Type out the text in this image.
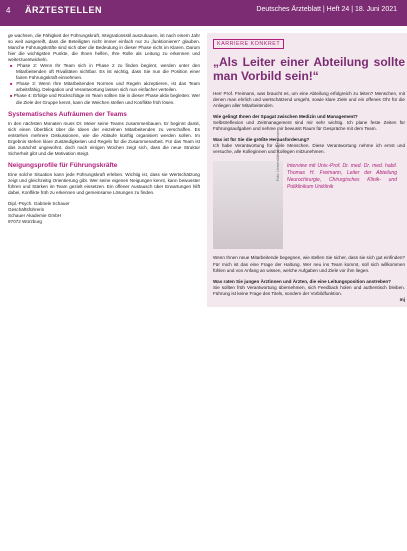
4 ÄRZTESTELLEN	Deutsches Ärzteblatt | Heft 24 | 18. Juni 2021

ge wachsen, die Fähigkeit der Führungskraft, Integrationsstil auszubauen, ist nach einem Jahr so weit ausgereift, dass die Beteiligten nicht immer einfach nur zu „funktionieren“ glauben. Manche Führungskräfte sind sich über die Bedeutung in dieser Phase nicht im Klaren. Darum hier die wichtigsten Punkte, die Ihnen helfen, Ihre Rolle als Leitung zu erkennen und weiterzuentwickeln.

■ Phase 2: Wenn Ihr Team sich in Phase 2 zu finden beginnt, werden unter den Mitarbeitenden oft Rivalitäten sichtbar. Es ist wichtig, dass Sie nun die Position einer fairen Führungskraft einnehmen.

■ Phase 3: Wenn Ihre Mitarbeitenden Normen und Regeln akzeptieren, ist das Team arbeitsfähig. Delegation und Verantwortung lassen sich nun einfacher verteilen.

■ Phase 4: Erfolge und Rückschläge im Team sollten Sie in dieser Phase aktiv begleiten. Wer die Ziele der Gruppe kennt, kann die Weichen stellen und Konflikte früh lösen.

Systematisches Aufräumen der Teams

In den nächsten Monaten muss Dr. Meier seine Teams zusammenbauen. Er beginnt damit, sich einen Überblick über die Ideen der einzelnen Mitarbeitenden zu verschaffen. Es entstehen mehrere Diskussionen, wie die Abläufe künftig organisiert werden sollen. Im Ergebnis stehen klare Zuständigkeiten und Regeln für die Zusammenarbeit. Für das Team ist das zunächst ungewohnt, doch nach einigen Wochen zeigt sich, dass die neue Struktur Sicherheit gibt und die Motivation steigt.

Neigungsprofile für Führungskräfte

Eine solche Situation kann jede Führungskraft erleben. Wichtig ist, dass sie Wertschätzung zeigt und gleichzeitig Orientierung gibt. Wer seine eigenen Neigungen kennt, kann bewusster führen und Stärken im Team gezielt einsetzen. Ein offener Austausch über Erwartungen hilft dabei, Konflikte früh zu erkennen und gemeinsame Lösungen zu finden.

Dipl.-Psych. Gabriele Schauer
Geschäftsführerin
Schauer Akademie GmbH
97072 Würzburg
KARRIERE KONKRET
„Als Leiter einer Abteilung sollte man Vorbild sein!“

Herr Prof. Freimann, was braucht es, um eine Abteilung erfolgreich zu leiten? Menschen, mit denen man ehrlich und wertschätzend umgeht, sowie klare Ziele und ein offenes Ohr für die Anliegen aller Mitarbeitenden.

Wie gelingt Ihnen der Spagat zwischen Medizin und Management?

Selbstreflexion und Zeitmanagement sind mir sehr wichtig. Ich plane feste Zeiten für Führungsaufgaben und nehme mir bewusst Raum für Gespräche mit dem Team.

Was ist für Sie die größte Herausforderung?

Ich habe Verantwortung für viele Menschen. Diese Verantwortung nehme ich ernst und versuche, alle Kolleginnen und Kollegen mitzunehmen.

Foto: Universitätsklinik Freimann Interview mit Univ.-Prof. Dr. med. Dr. med. habil. Thomas H. Freimann, Leiter der Abteilung Neurochirurgie, Chirurgisches Klinik- und Poliklinikum Uniklinik

Wenn Ihnen neue Mitarbeitende begegnen, wie stellen Sie sicher, dass sie sich gut einfinden? Für mich ist das eine Frage der Haltung. Wer neu ins Team kommt, soll sich willkommen fühlen und von Anfang an wissen, welche Aufgaben und Ziele vor ihm liegen.

Was raten Sie jungen Ärztinnen und Ärzten, die eine Leitungsposition anstreben?

Sie sollten früh Verantwortung übernehmen, sich Feedback holen und authentisch bleiben. Führung ist keine Frage des Titels, sondern der Vorbildfunktion.

mj
